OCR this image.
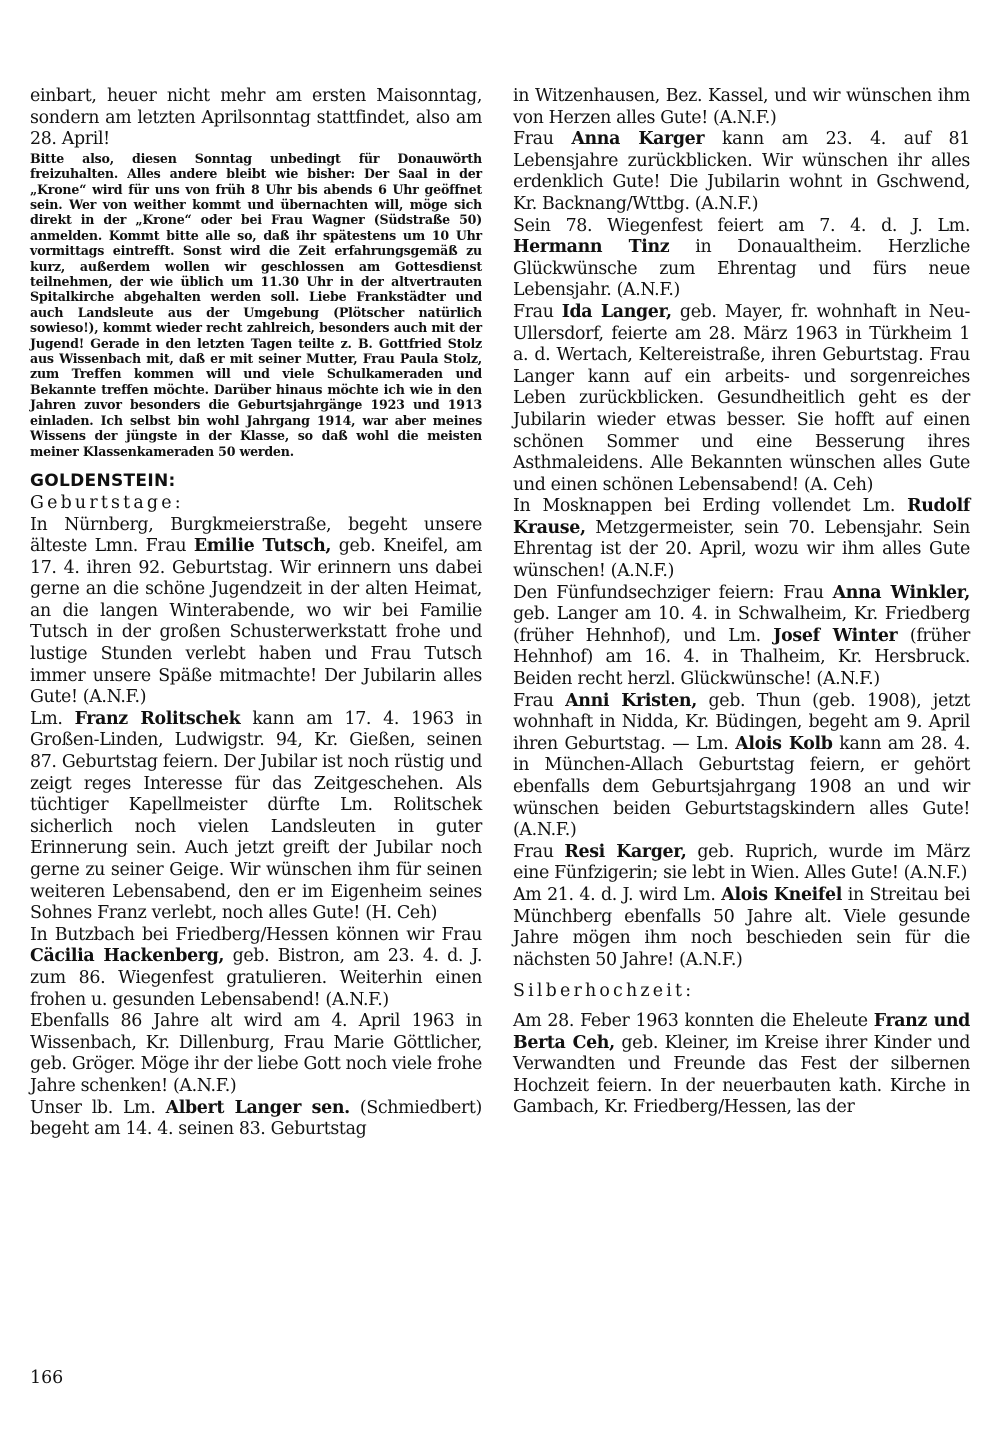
einbart, heuer nicht mehr am ersten Maisonntag, sondern am letzten Aprilsonntag stattfindet, also am 28. April!

Bitte also, diesen Sonntag unbedingt für Donauwörth freizuhalten. Alles andere bleibt wie bisher: Der Saal in der „Krone“ wird für uns von früh 8 Uhr bis abends 6 Uhr geöffnet sein. Wer von weither kommt und übernachten will, möge sich direkt in der „Krone“ oder bei Frau Wagner (Südstraße 50) anmelden. Kommt bitte alle so, daß ihr spätestens um 10 Uhr vormittags eintrefft. Sonst wird die Zeit erfahrungsgemäß zu kurz, außerdem wollen wir geschlossen am Gottesdienst teilnehmen, der wie üblich um 11.30 Uhr in der altvertrauten Spitalkirche abgehalten werden soll. Liebe Frankstädter und auch Landsleute aus der Umgebung (Plötscher natürlich sowieso!), kommt wieder recht zahlreich, besonders auch mit der Jugend! Gerade in den letzten Tagen teilte z. B. Gottfried Stolz aus Wissenbach mit, daß er mit seiner Mutter, Frau Paula Stolz, zum Treffen kommen will und viele Schulkameraden und Bekannte treffen möchte. Darüber hinaus möchte ich wie in den Jahren zuvor besonders die Geburtsjahrgänge 1923 und 1913 einladen. Ich selbst bin wohl Jahrgang 1914, war aber meines Wissens der jüngste in der Klasse, so daß wohl die meisten meiner Klassenkameraden 50 werden.

GOLDENSTEIN:

Geburtstage:

In Nürnberg, Burgkmeierstraße, begeht unsere älteste Lmn. Frau Emilie Tutsch, geb. Kneifel, am 17. 4. ihren 92. Geburtstag. Wir erinnern uns dabei gerne an die schöne Jugendzeit in der alten Heimat, an die langen Winterabende, wo wir bei Familie Tutsch in der großen Schusterwerkstatt frohe und lustige Stunden verlebt haben und Frau Tutsch immer unsere Späße mitmachte! Der Jubilarin alles Gute! (A.N.F.)

Lm. Franz Rolitschek kann am 17. 4. 1963 in Großen-Linden, Ludwigstr. 94, Kr. Gießen, seinen 87. Geburtstag feiern. Der Jubilar ist noch rüstig und zeigt reges Interesse für das Zeitgeschehen. Als tüchtiger Kapellmeister dürfte Lm. Rolitschek sicherlich noch vielen Landsleuten in guter Erinnerung sein. Auch jetzt greift der Jubilar noch gerne zu seiner Geige. Wir wünschen ihm für seinen weiteren Lebensabend, den er im Eigenheim seines Sohnes Franz verlebt, noch alles Gute! (H. Ceh)

In Butzbach bei Friedberg/Hessen können wir Frau Cäcilia Hackenberg, geb. Bistron, am 23. 4. d. J. zum 86. Wiegenfest gratulieren. Weiterhin einen frohen u. gesunden Lebensabend! (A.N.F.)

Ebenfalls 86 Jahre alt wird am 4. April 1963 in Wissenbach, Kr. Dillenburg, Frau Marie Göttlicher, geb. Gröger. Möge ihr der liebe Gott noch viele frohe Jahre schenken! (A.N.F.)

Unser lb. Lm. Albert Langer sen. (Schmiedbert) begeht am 14. 4. seinen 83. Geburtstag

in Witzenhausen, Bez. Kassel, und wir wünschen ihm von Herzen alles Gute! (A.N.F.)

Frau Anna Karger kann am 23. 4. auf 81 Lebensjahre zurückblicken. Wir wünschen ihr alles erdenklich Gute! Die Jubilarin wohnt in Gschwend, Kr. Backnang/Wttbg. (A.N.F.)

Sein 78. Wiegenfest feiert am 7. 4. d. J. Lm. Hermann Tinz in Donaualtheim. Herzliche Glückwünsche zum Ehrentag und fürs neue Lebensjahr. (A.N.F.)

Frau Ida Langer, geb. Mayer, fr. wohnhaft in Neu-Ullersdorf, feierte am 28. März 1963 in Türkheim 1 a. d. Wertach, Keltereistraße, ihren Geburtstag. Frau Langer kann auf ein arbeits- und sorgenreiches Leben zurückblicken. Gesundheitlich geht es der Jubilarin wieder etwas besser. Sie hofft auf einen schönen Sommer und eine Besserung ihres Asthmaleidens. Alle Bekannten wünschen alles Gute und einen schönen Lebensabend! (A. Ceh)

In Mosknappen bei Erding vollendet Lm. Rudolf Krause, Metzgermeister, sein 70. Lebensjahr. Sein Ehrentag ist der 20. April, wozu wir ihm alles Gute wünschen! (A.N.F.)

Den Fünfundsechziger feiern: Frau Anna Winkler, geb. Langer am 10. 4. in Schwalheim, Kr. Friedberg (früher Hehnhof), und Lm. Josef Winter (früher Hehnhof) am 16. 4. in Thalheim, Kr. Hersbruck. Beiden recht herzl. Glückwünsche! (A.N.F.)

Frau Anni Kristen, geb. Thun (geb. 1908), jetzt wohnhaft in Nidda, Kr. Büdingen, begeht am 9. April ihren Geburtstag. — Lm. Alois Kolb kann am 28. 4. in München-Allach Geburtstag feiern, er gehört ebenfalls dem Geburtsjahrgang 1908 an und wir wünschen beiden Geburtstagskindern alles Gute! (A.N.F.)

Frau Resi Karger, geb. Ruprich, wurde im März eine Fünfzigerin; sie lebt in Wien. Alles Gute! (A.N.F.)

Am 21. 4. d. J. wird Lm. Alois Kneifel in Streitau bei Münchberg ebenfalls 50 Jahre alt. Viele gesunde Jahre mögen ihm noch beschieden sein für die nächsten 50 Jahre! (A.N.F.)

Silberhochzeit:

Am 28. Feber 1963 konnten die Eheleute Franz und Berta Ceh, geb. Kleiner, im Kreise ihrer Kinder und Verwandten und Freunde das Fest der silbernen Hochzeit feiern. In der neuerbauten kath. Kirche in Gambach, Kr. Friedberg/Hessen, las der

166
